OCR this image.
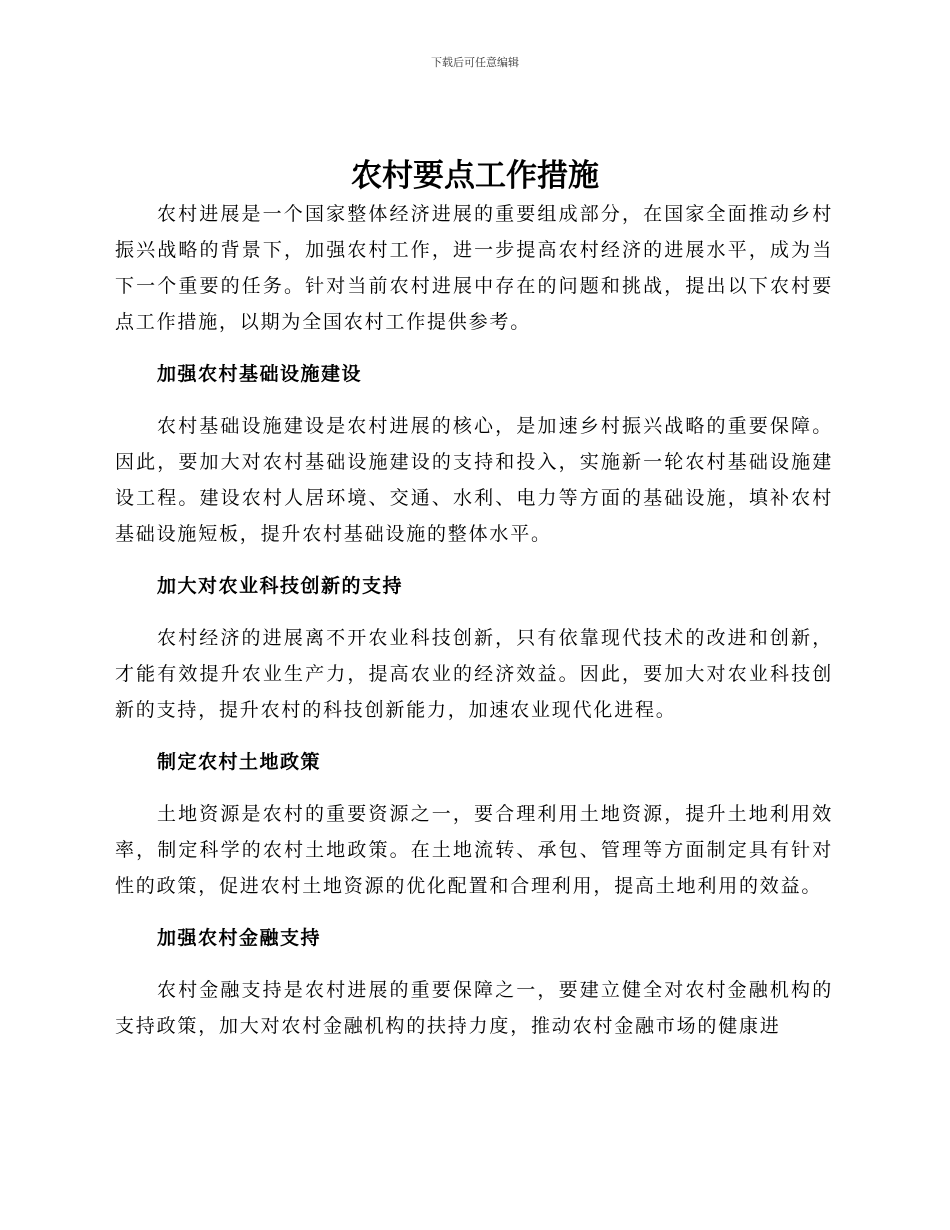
下载后可任意编辑
农村要点工作措施

农村进展是一个国家整体经济进展的重要组成部分，在国家全面推动乡村振兴战略的背景下，加强农村工作，进一步提高农村经济的进展水平，成为当下一个重要的任务。针对当前农村进展中存在的问题和挑战，提出以下农村要点工作措施，以期为全国农村工作提供参考。

加强农村基础设施建设

农村基础设施建设是农村进展的核心，是加速乡村振兴战略的重要保障。因此，要加大对农村基础设施建设的支持和投入，实施新一轮农村基础设施建设工程。建设农村人居环境、交通、水利、电力等方面的基础设施，填补农村基础设施短板，提升农村基础设施的整体水平。

加大对农业科技创新的支持

农村经济的进展离不开农业科技创新，只有依靠现代技术的改进和创新，才能有效提升农业生产力，提高农业的经济效益。因此，要加大对农业科技创新的支持，提升农村的科技创新能力，加速农业现代化进程。

制定农村土地政策

土地资源是农村的重要资源之一，要合理利用土地资源，提升土地利用效率，制定科学的农村土地政策。在土地流转、承包、管理等方面制定具有针对性的政策，促进农村土地资源的优化配置和合理利用，提高土地利用的效益。

加强农村金融支持

农村金融支持是农村进展的重要保障之一，要建立健全对农村金融机构的支持政策，加大对农村金融机构的扶持力度，推动农村金融市场的健康进
